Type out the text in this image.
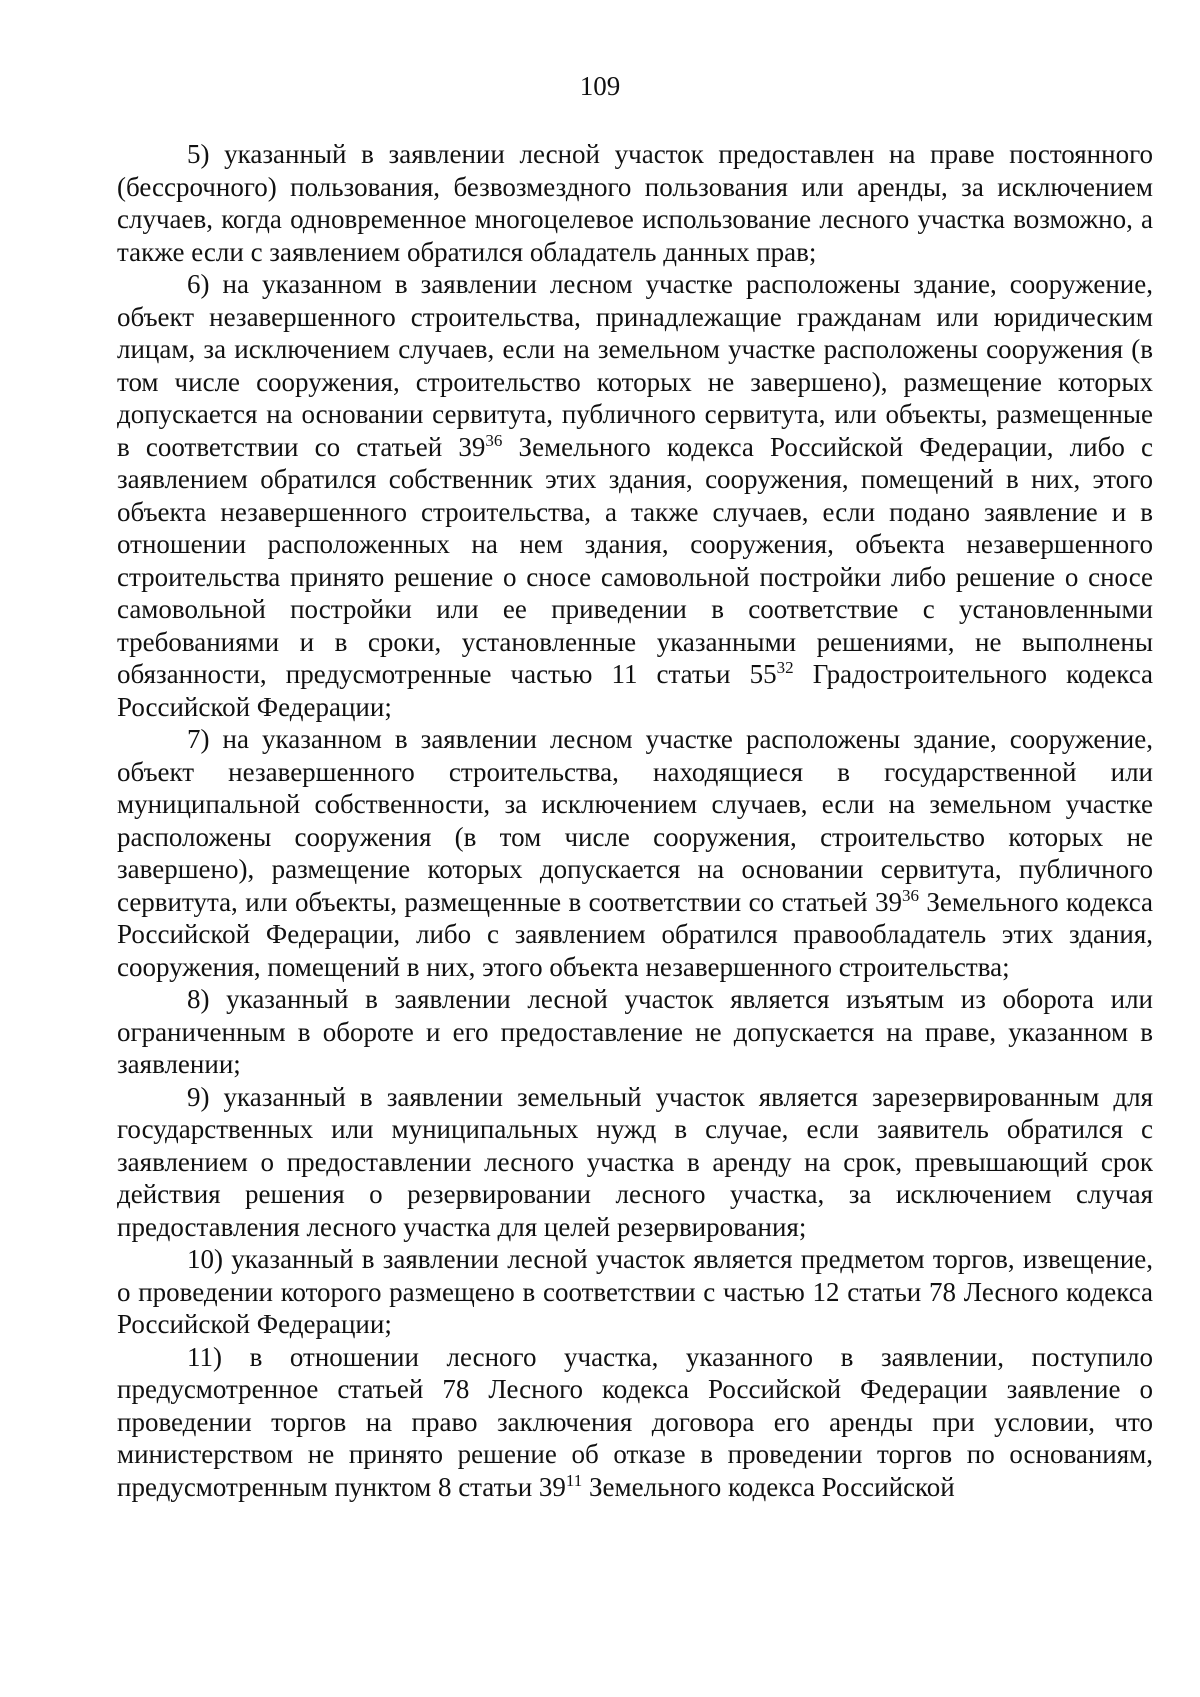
109

5) указанный в заявлении лесной участок предоставлен на праве постоянного (бессрочного) пользования, безвозмездного пользования или аренды, за исключением случаев, когда одновременное многоцелевое использование лесного участка возможно, а также если с заявлением обратился обладатель данных прав;

6) на указанном в заявлении лесном участке расположены здание, сооружение, объект незавершенного строительства, принадлежащие гражданам или юридическим лицам, за исключением случаев, если на земельном участке расположены сооружения (в том числе сооружения, строительство которых не завершено), размещение которых допускается на основании сервитута, публичного сервитута, или объекты, размещенные в соответствии со статьей $39^{36}$ Земельного кодекса Российской Федерации, либо с заявлением обратился собственник этих здания, сооружения, помещений в них, этого объекта незавершенного строительства, а также случаев, если подано заявление и в отношении расположенных на нем здания, сооружения, объекта незавершенного строительства принято решение о сносе самовольной постройки либо решение о сносе самовольной постройки или ее приведении в соответствие с установленными требованиями и в сроки, установленные указанными решениями, не выполнены обязанности, предусмотренные частью 11 статьи $55^{32}$ Градостроительного кодекса Российской Федерации;

7) на указанном в заявлении лесном участке расположены здание, сооружение, объект незавершенного строительства, находящиеся в государственной или муниципальной собственности, за исключением случаев, если на земельном участке расположены сооружения (в том числе сооружения, строительство которых не завершено), размещение которых допускается на основании сервитута, публичного сервитута, или объекты, размещенные в соответствии со статьей $39^{36}$ Земельного кодекса Российской Федерации, либо с заявлением обратился правообладатель этих здания, сооружения, помещений в них, этого объекта незавершенного строительства;

8) указанный в заявлении лесной участок является изъятым из оборота или ограниченным в обороте и его предоставление не допускается на праве, указанном в заявлении;

9) указанный в заявлении земельный участок является зарезервированным для государственных или муниципальных нужд в случае, если заявитель обратился с заявлением о предоставлении лесного участка в аренду на срок, превышающий срок действия решения о резервировании лесного участка, за исключением случая предоставления лесного участка для целей резервирования;

10) указанный в заявлении лесной участок является предметом торгов, извещение, о проведении которого размещено в соответствии с частью 12 статьи 78 Лесного кодекса Российской Федерации;

11) в отношении лесного участка, указанного в заявлении, поступило предусмотренное статьей 78 Лесного кодекса Российской Федерации заявление о проведении торгов на право заключения договора его аренды при условии, что министерством не принято решение об отказе в проведении торгов по основаниям, предусмотренным пунктом 8 статьи $39^{11}$ Земельного кодекса Российской
